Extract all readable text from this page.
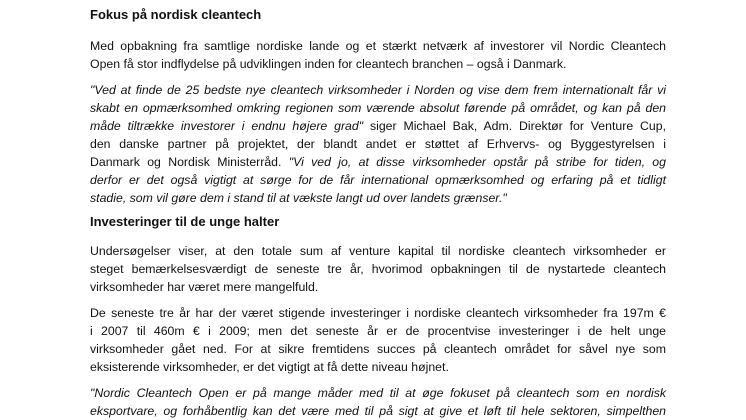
Fokus på nordisk cleantech
Med opbakning fra samtlige nordiske lande og et stærkt netværk af investorer vil Nordic Cleantech
Open få stor indflydelse på udviklingen inden for cleantech branchen – også i Danmark.
"Ved at finde de 25 bedste nye cleantech virksomheder i Norden og vise dem frem internationalt får vi
skabt en opmærksomhed omkring regionen som værende absolut førende på området, og kan på den
måde tiltrække investorer i endnu højere grad" siger Michael Bak, Adm. Direktør for Venture Cup,
den danske partner på projektet, der blandt andet er støttet af Erhvervs- og Byggestyrelsen i
Danmark og Nordisk Ministerråd. "Vi ved jo, at disse virksomheder opstår på stribe for tiden, og
derfor er det også vigtigt at sørge for de får international opmærksomhed og erfaring på et tidligt
stadie, som vil gøre dem i stand til at vækste langt ud over landets grænser."
Investeringer til de unge halter
Undersøgelser viser, at den totale sum af venture kapital til nordiske cleantech virksomheder er
steget bemærkelsesværdigt de seneste tre år, hvorimod opbakningen til de nystartede cleantech
virksomheder har været mere mangelfuld.
De seneste tre år har der været stigende investeringer i nordiske cleantech virksomheder fra 197m €
i 2007 til 460m € i 2009; men det seneste år er de procentvise investeringer i de helt unge
virksomheder gået ned. For at sikre fremtidens succes på cleantech området for såvel nye som
eksisterende virksomheder, er det vigtigt at få dette niveau højnet.
"Nordic Cleantech Open er på mange måder med til at øge fokuset på cleantech som en nordisk
eksportvare, og forhåbentlig kan det være med til på sigt at give et løft til hele sektoren, simpelthen
